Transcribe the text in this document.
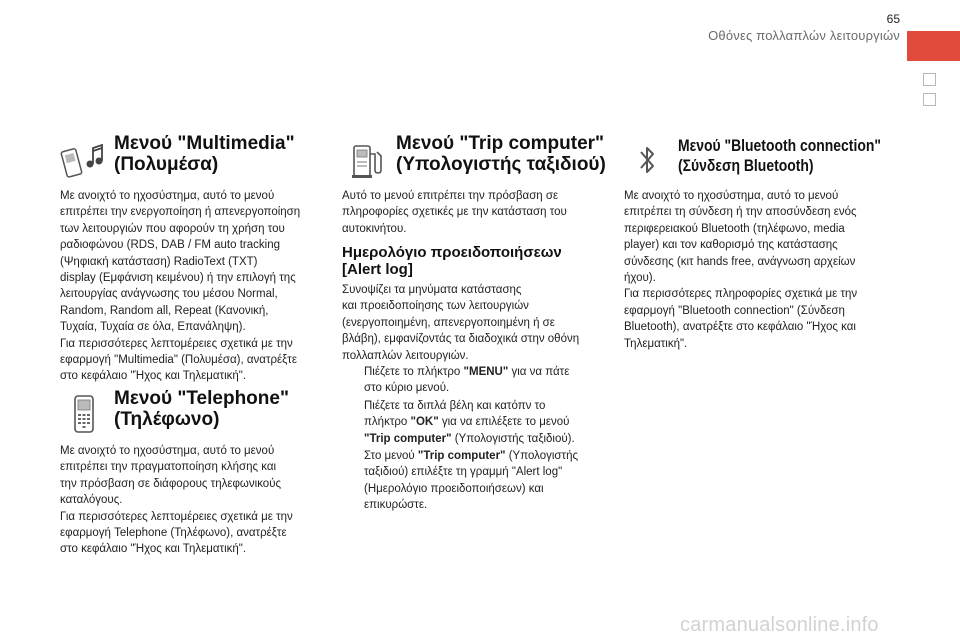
65
Οθόνες πολλαπλών λειτουργιών
Μενού "Multimedia"
(Πολυμέσα)

Με ανοιχτό το ηχοσύστημα, αυτό το μενού

επιτρέπει την ενεργοποίηση ή απενεργοποίηση

των λειτουργιών που αφορούν τη χρήση του

ραδιοφώνου (RDS, DAB / FM auto tracking

(Ψηφιακή κατάσταση) RadioText (TXT)

display (Εμφάνιση κειμένου) ή την επιλογή της

λειτουργίας ανάγνωσης του μέσου Normal,

Random, Random all, Repeat (Κανονική,

Τυχαία, Τυχαία σε όλα, Επανάληψη).

Για περισσότερες λεπτομέρειες σχετικά με την

εφαρμογή "Multimedia" (Πολυμέσα), ανατρέξτε

στο κεφάλαιο "Ήχος και Τηλεματική".

Μενού "Telephone"
(Τηλέφωνο)

Με ανοιχτό το ηχοσύστημα, αυτό το μενού

επιτρέπει την πραγματοποίηση κλήσης και

την πρόσβαση σε διάφορους τηλεφωνικούς

καταλόγους.

Για περισσότερες λεπτομέρειες σχετικά με την

εφαρμογή Telephone (Τηλέφωνο), ανατρέξτε

στο κεφάλαιο "Ήχος και Τηλεματική".

Μενού "Trip computer"
(Υπολογιστής ταξιδιού)

Αυτό το μενού επιτρέπει την πρόσβαση σε

πληροφορίες σχετικές με την κατάσταση του

αυτοκινήτου.

Ημερολόγιο προειδοποιήσεων
[Alert log]

Συνοψίζει τα μηνύματα κατάστασης

και προειδοποίησης των λειτουργιών

(ενεργοποιημένη, απενεργοποιημένη ή σε

βλάβη), εμφανίζοντάς τα διαδοχικά στην οθόνη

πολλαπλών λειτουργιών.

Πιέζετε το πλήκτρο "MENU" για να πάτε
στο κύριο μενού.
Πιέζετε τα διπλά βέλη και κατόπν το
πλήκτρο "OK" για να επιλέξετε το μενού
"Trip computer" (Υπολογιστής ταξιδιού).
Στο μενού "Trip computer" (Υπολογιστής
ταξιδιού) επιλέξτε τη γραμμή "Alert log"
(Ημερολόγιο προειδοποιήσεων) και
επικυρώστε.
Μενού "Bluetooth connection"
(Σύνδεση Bluetooth)

Με ανοιχτό το ηχοσύστημα, αυτό το μενού

επιτρέπει τη σύνδεση ή την αποσύνδεση ενός

περιφερειακού Bluetooth (τηλέφωνο, media

player) και τον καθορισμό της κατάστασης

σύνδεσης (κιτ hands free, ανάγνωση αρχείων

ήχου).

Για περισσότερες πληροφορίες σχετικά με την

εφαρμογή "Bluetooth connection" (Σύνδεση

Bluetooth), ανατρέξτε στο κεφάλαιο "Ήχος και

Τηλεματική".

carmanualsonline.info
